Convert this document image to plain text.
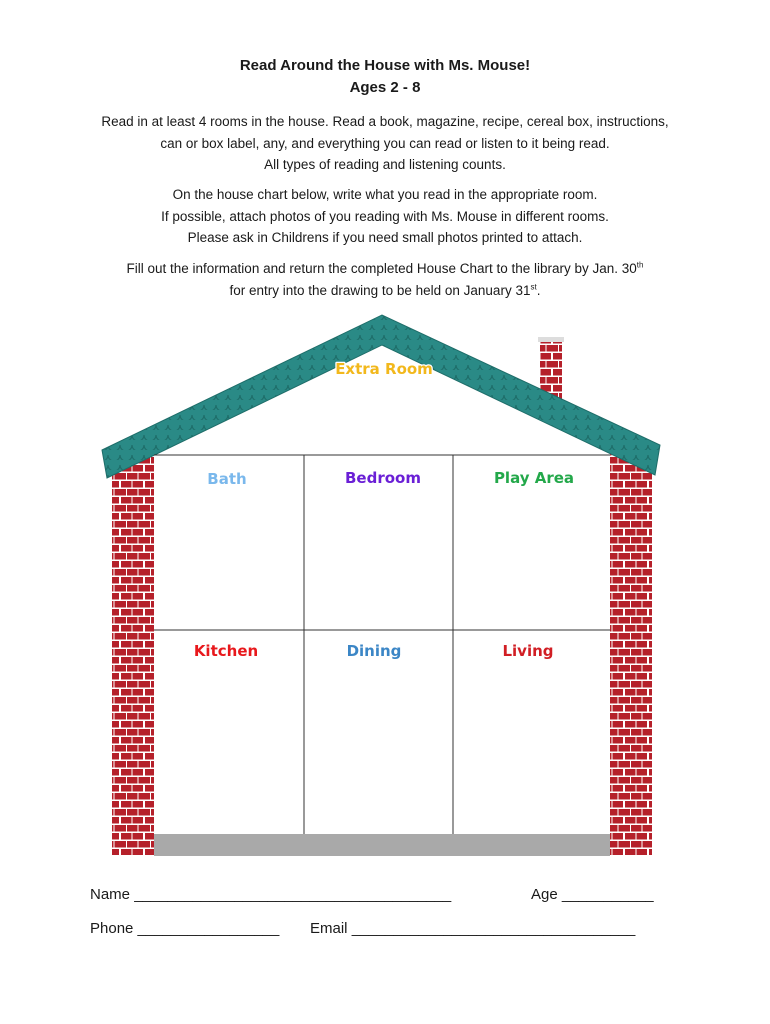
Read Around the House with Ms. Mouse!
Ages 2 - 8
Read in at least 4 rooms in the house. Read a book, magazine, recipe, cereal box, instructions,
can or box label, any, and everything you can read or listen to it being read.
All types of reading and listening counts.
On the house chart below, write what you read in the appropriate room.
If possible, attach photos of you reading with Ms. Mouse in different rooms.
Please ask in Childrens if you need small photos printed to attach.
Fill out the information and return the completed House Chart to the library by Jan. 30th
for entry into the drawing to be held on January 31st.
Extra Room
Bath	Bedroom	Play Area
Kitchen	Dining	Living
Name ______________________________________	Age ___________
Phone _________________ Email __________________________________
